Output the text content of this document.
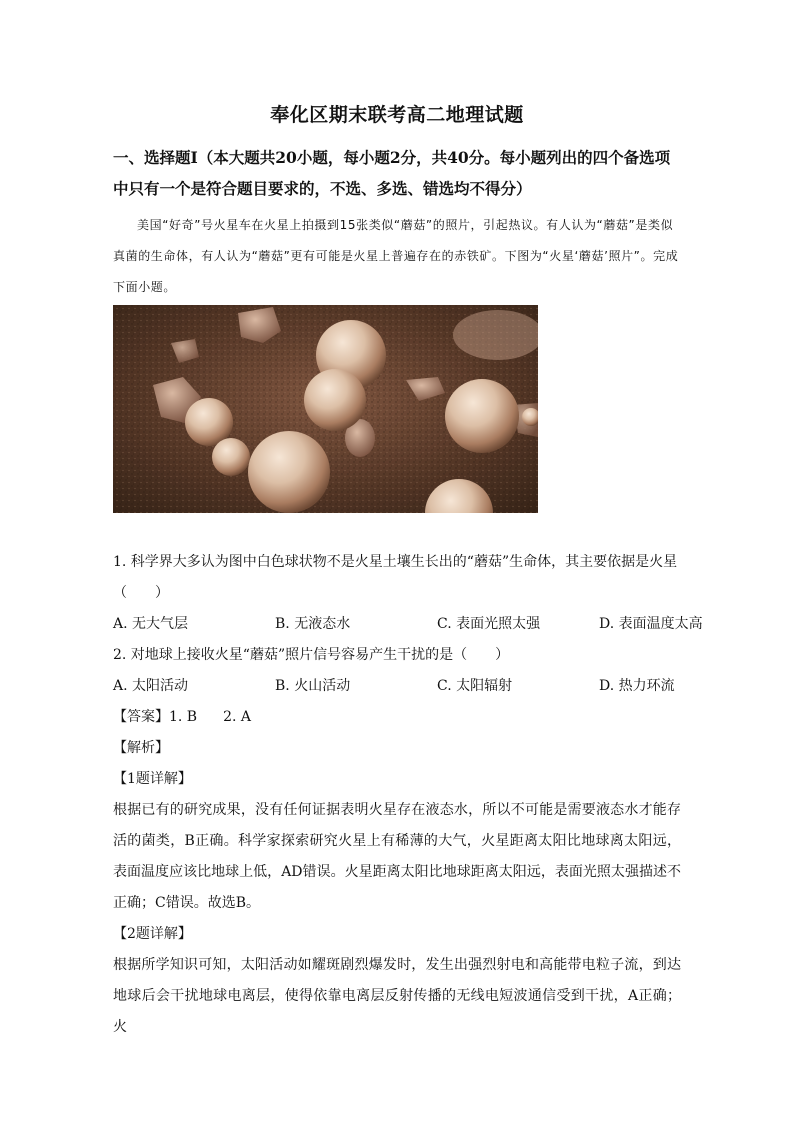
奉化区期末联考高二地理试题

一、选择题Ⅰ（本大题共20小题，每小题2分，共40分。每小题列出的四个备选项中只有一个是符合题目要求的，不选、多选、错选均不得分）

美国“好奇”号火星车在火星上拍摄到15张类似“蘑菇”的照片，引起热议。有人认为“蘑菇”是类似真菌的生命体，有人认为“蘑菇”更有可能是火星上普遍存在的赤铁矿。下图为“火星‘蘑菇’照片”。完成下面小题。

1. 科学界大多认为图中白色球状物不是火星土壤生长出的“蘑菇”生命体，其主要依据是火星（　　）

A. 无大气层	B. 无液态水	C. 表面光照太强	D. 表面温度太高

2. 对地球上接收火星“蘑菇”照片信号容易产生干扰的是（　　）

A. 太阳活动	B. 火山活动	C. 太阳辐射	D. 热力环流

【答案】1. B 2. A

【解析】

【1题详解】

根据已有的研究成果，没有任何证据表明火星存在液态水，所以不可能是需要液态水才能存活的菌类，B正确。科学家探索研究火星上有稀薄的大气，火星距离太阳比地球离太阳远，表面温度应该比地球上低，AD错误。火星距离太阳比地球距离太阳远，表面光照太强描述不正确；C错误。故选B。

【2题详解】

根据所学知识可知，太阳活动如耀斑剧烈爆发时，发生出强烈射电和高能带电粒子流，到达地球后会干扰地球电离层，使得依靠电离层反射传播的无线电短波通信受到干扰，A正确；火
